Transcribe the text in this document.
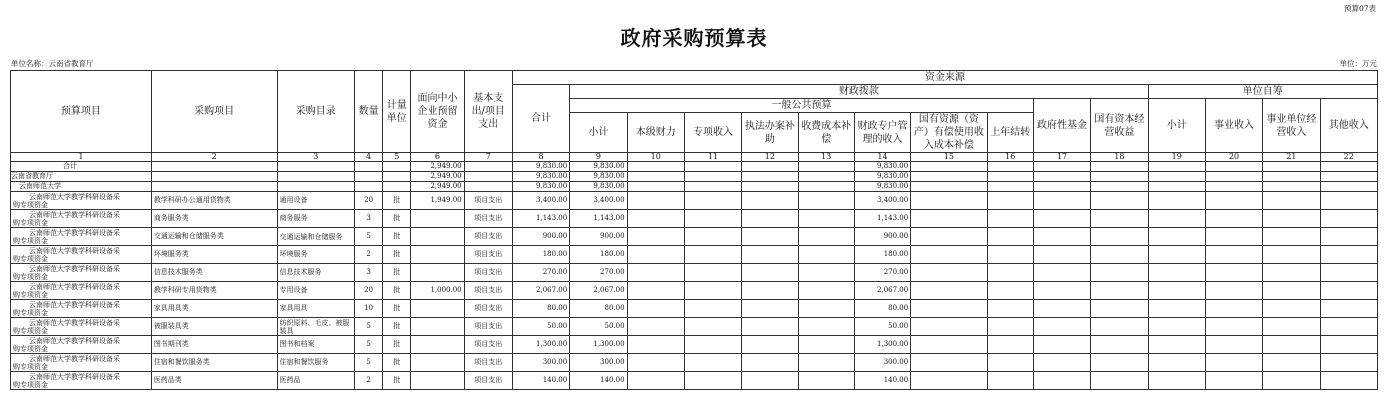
预算07表
政府采购预算表
单位名称：云南省教育厅	单位：万元
预算项目	采购项目	采购目录	数量	计量单位	面向中小企业预留资金	基本支出/项目支出	资金来源														
							合计	财政拨款										单位自筹			
								一般公共预算								政府性基金	国有资本经营收益	小计	事业收入	事业单位经营收入	其他收入
								小计	本级财力	专项收入	执法办案补助	收费成本补偿	财政专户管理的收入	国有资源（资产）有偿使用收入成本补偿	上年结转						
1	2	3	4	5	6	7	8	9	10	11	12	13	14	15	16	17	18	19	20	21	22
合计					2,949.00		9,830.00	9,830.00					9,830.00								
云南省教育厅					2,949.00		9,830.00	9,830.00					9,830.00								
云南师范大学					2,949.00		9,830.00	9,830.00					9,830.00								

云南师范大学教学科研设备采
购专项资金	教学科研办公通用货物类	通用设备	20	批	1,949.00	项目支出	3,400.00	3,400.00					3,400.00								

云南师范大学教学科研设备采
购专项资金	商务服务类	商务服务	3	批		项目支出	1,143.00	1,143.00					1,143.00								

云南师范大学教学科研设备采
购专项资金	交通运输和仓储服务类	交通运输和仓储服务	5	批		项目支出	900.00	900.00					900.00								

云南师范大学教学科研设备采
购专项资金	环境服务类	环境服务	2	批		项目支出	180.00	180.00					180.00								

云南师范大学教学科研设备采
购专项资金	信息技术服务类	信息技术服务	3	批		项目支出	270.00	270.00					270.00								

云南师范大学教学科研设备采
购专项资金	教学科研专用货物类	专用设备	20	批	1,000.00	项目支出	2,067.00	2,067.00					2,067.00								

云南师范大学教学科研设备采
购专项资金	家具用具类	家具用具	10	批		项目支出	80.00	80.00					80.00								

云南师范大学教学科研设备采
购专项资金	被服装具类	纺织原料、毛皮、被服装具	5	批		项目支出	50.00	50.00					50.00								

云南师范大学教学科研设备采
购专项资金	图书期刊类	图书和档案	5	批		项目支出	1,300.00	1,300.00					1,300.00								

云南师范大学教学科研设备采
购专项资金	住宿和餐饮服务类	住宿和餐饮服务	5	批		项目支出	300.00	300.00					300.00								

云南师范大学教学科研设备采
购专项资金	医药品类	医药品	2	批		项目支出	140.00	140.00					140.00								
